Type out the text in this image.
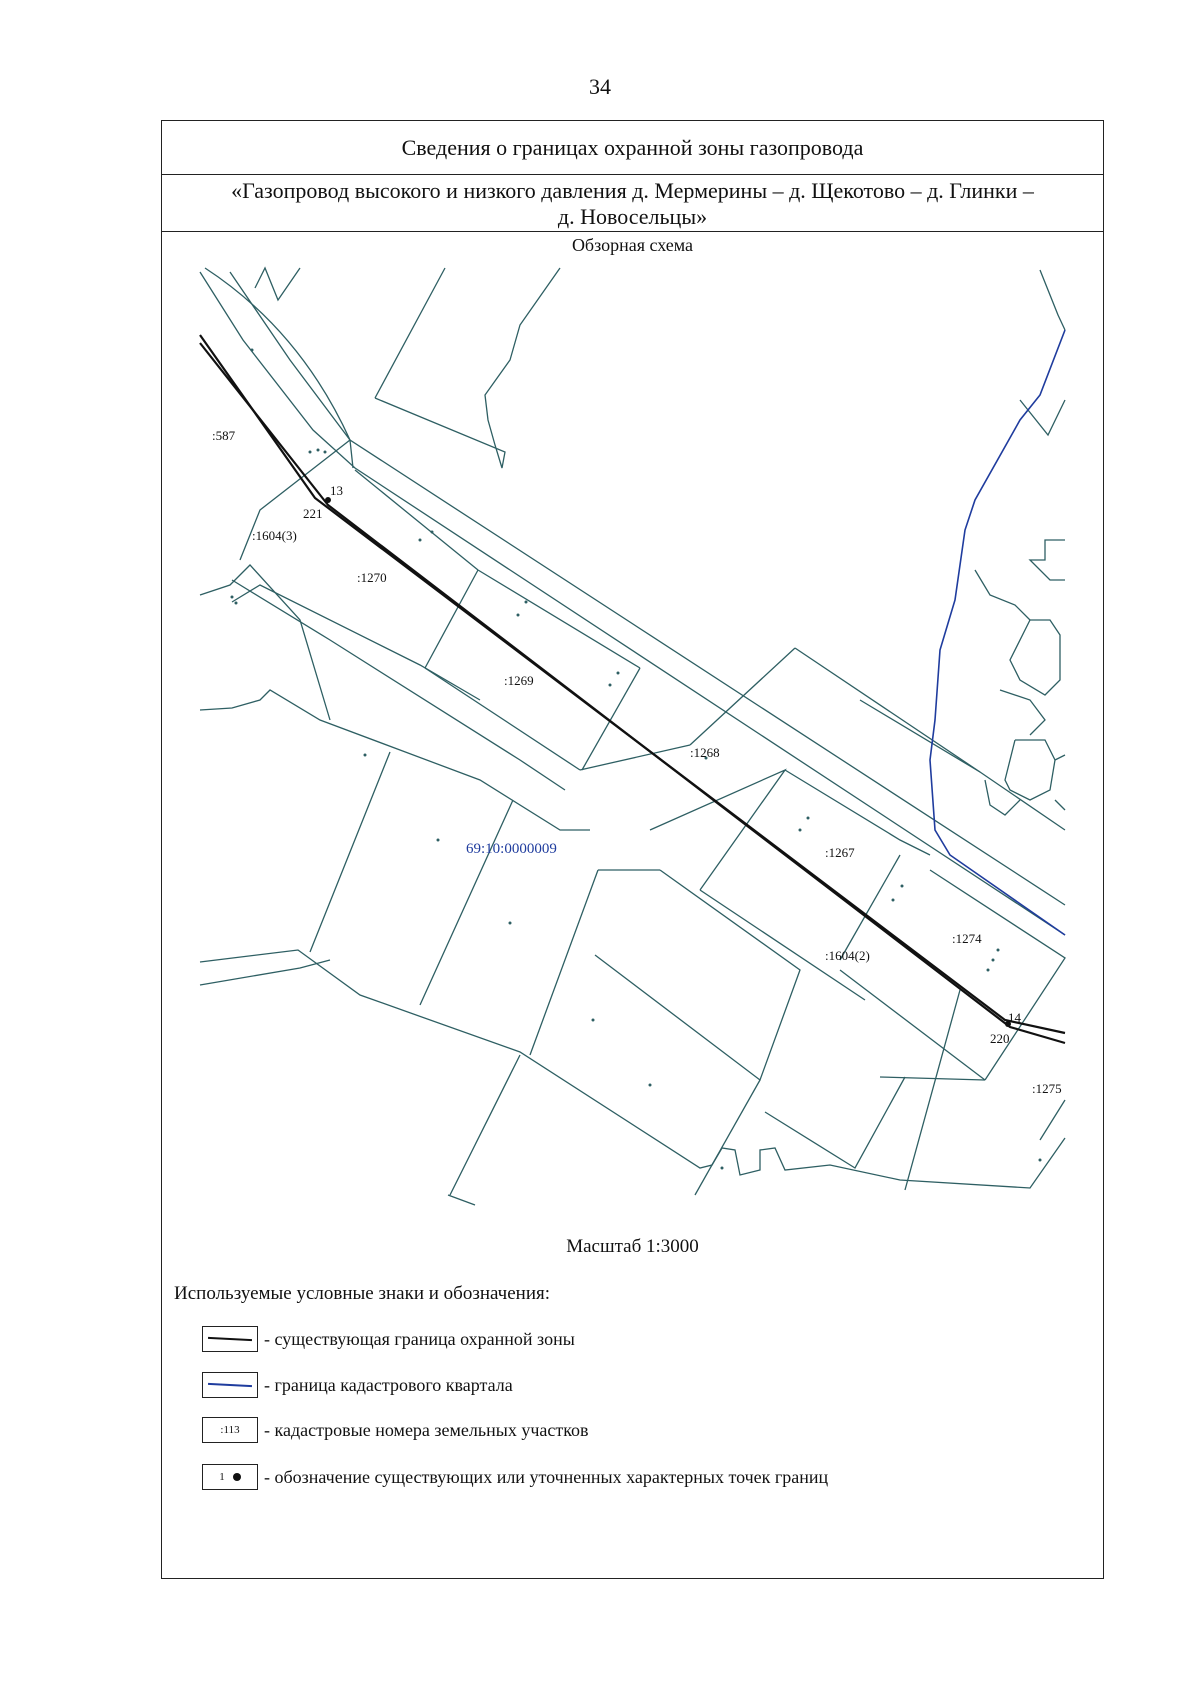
34
Сведения о границах охранной зоны газопровода
«Газопровод высокого и низкого давления д. Мермерины – д. Щекотово – д. Глинки –
д. Новосельцы»
Обзорная схема
Масштаб 1:3000
Используемые условные знаки и обозначения:
- существующая граница охранной зоны
- граница кадастрового квартала
:113	- кадастровые номера земельных участков
1 - обозначение существующих или уточненных характерных точек границ
:587
:1604(3)
:1270
:1269
:1268
:1267
:1274
:1604(2)
:1275
69:10:0000009
13
221
14
220
